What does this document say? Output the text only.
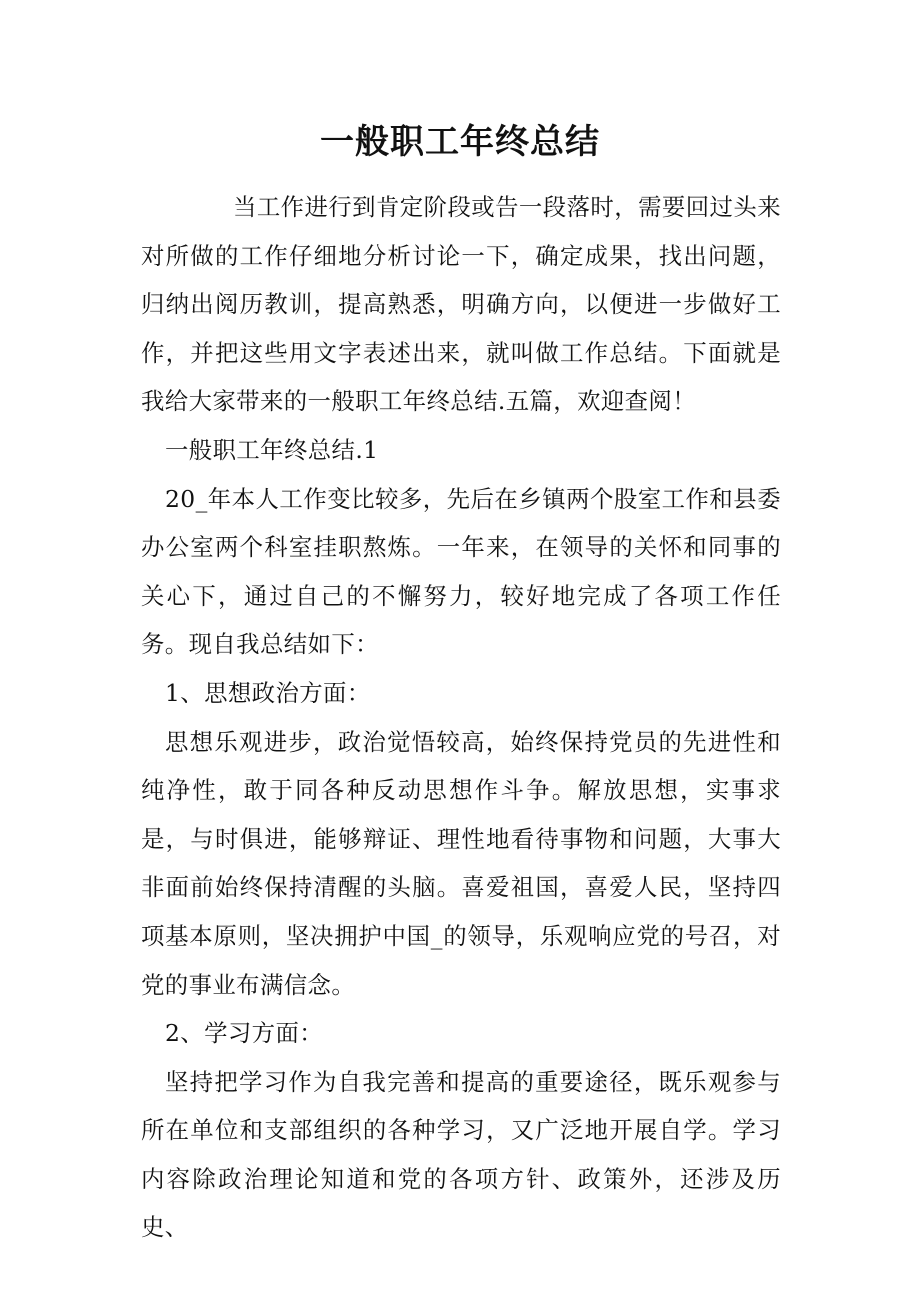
一般职工年终总结

当工作进行到肯定阶段或告一段落时，需要回过头来对所做的工作仔细地分析讨论一下，确定成果，找出问题，归纳出阅历教训，提高熟悉，明确方向，以便进一步做好工作，并把这些用文字表述出来，就叫做工作总结。下面就是我给大家带来的一般职工年终总结.五篇，欢迎查阅！

一般职工年终总结.1

20_年本人工作变比较多，先后在乡镇两个股室工作和县委办公室两个科室挂职熬炼。一年来，在领导的关怀和同事的关心下，通过自己的不懈努力，较好地完成了各项工作任务。现自我总结如下：

1、思想政治方面：

思想乐观进步，政治觉悟较高，始终保持党员的先进性和纯净性，敢于同各种反动思想作斗争。解放思想，实事求是，与时俱进，能够辩证、理性地看待事物和问题，大事大非面前始终保持清醒的头脑。喜爱祖国，喜爱人民，坚持四项基本原则，坚决拥护中国_的领导，乐观响应党的号召，对党的事业布满信念。

2、学习方面：

坚持把学习作为自我完善和提高的重要途径，既乐观参与所在单位和支部组织的各种学习，又广泛地开展自学。学习内容除政治理论知道和党的各项方针、政策外，还涉及历史、
